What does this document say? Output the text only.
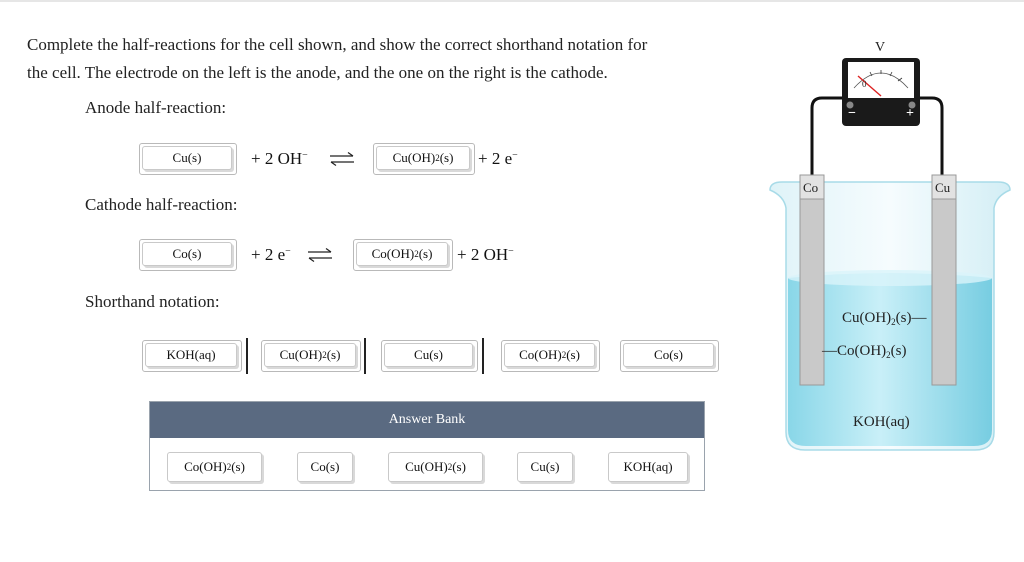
Complete the half-reactions for the cell shown, and show the correct shorthand notation for
the cell. The electrode on the left is the anode, and the one on the right is the cathode.

Anode half-reaction:
Cu(s)	+ 2 OH− ⇌	Cu(OH) 2 (s) + 2 e−
Cathode half-reaction:
Co(s)	+ 2 e− ⇌	Co(OH) 2 (s) + 2 OH−
Shorthand notation:
KOH(aq)	Cu(OH) 2 (s)	Cu(s)	Co(OH) 2 (s)	Co(s)
Answer Bank
Co(OH) 2 (s)	Co(s)	Cu(OH) 2 (s)	Cu(s)	KOH(aq)
V
0
−	+
Co	Cu
$Cu(OH)_2(s)—$
$—Co(OH)_2(s)$
KOH(aq)
